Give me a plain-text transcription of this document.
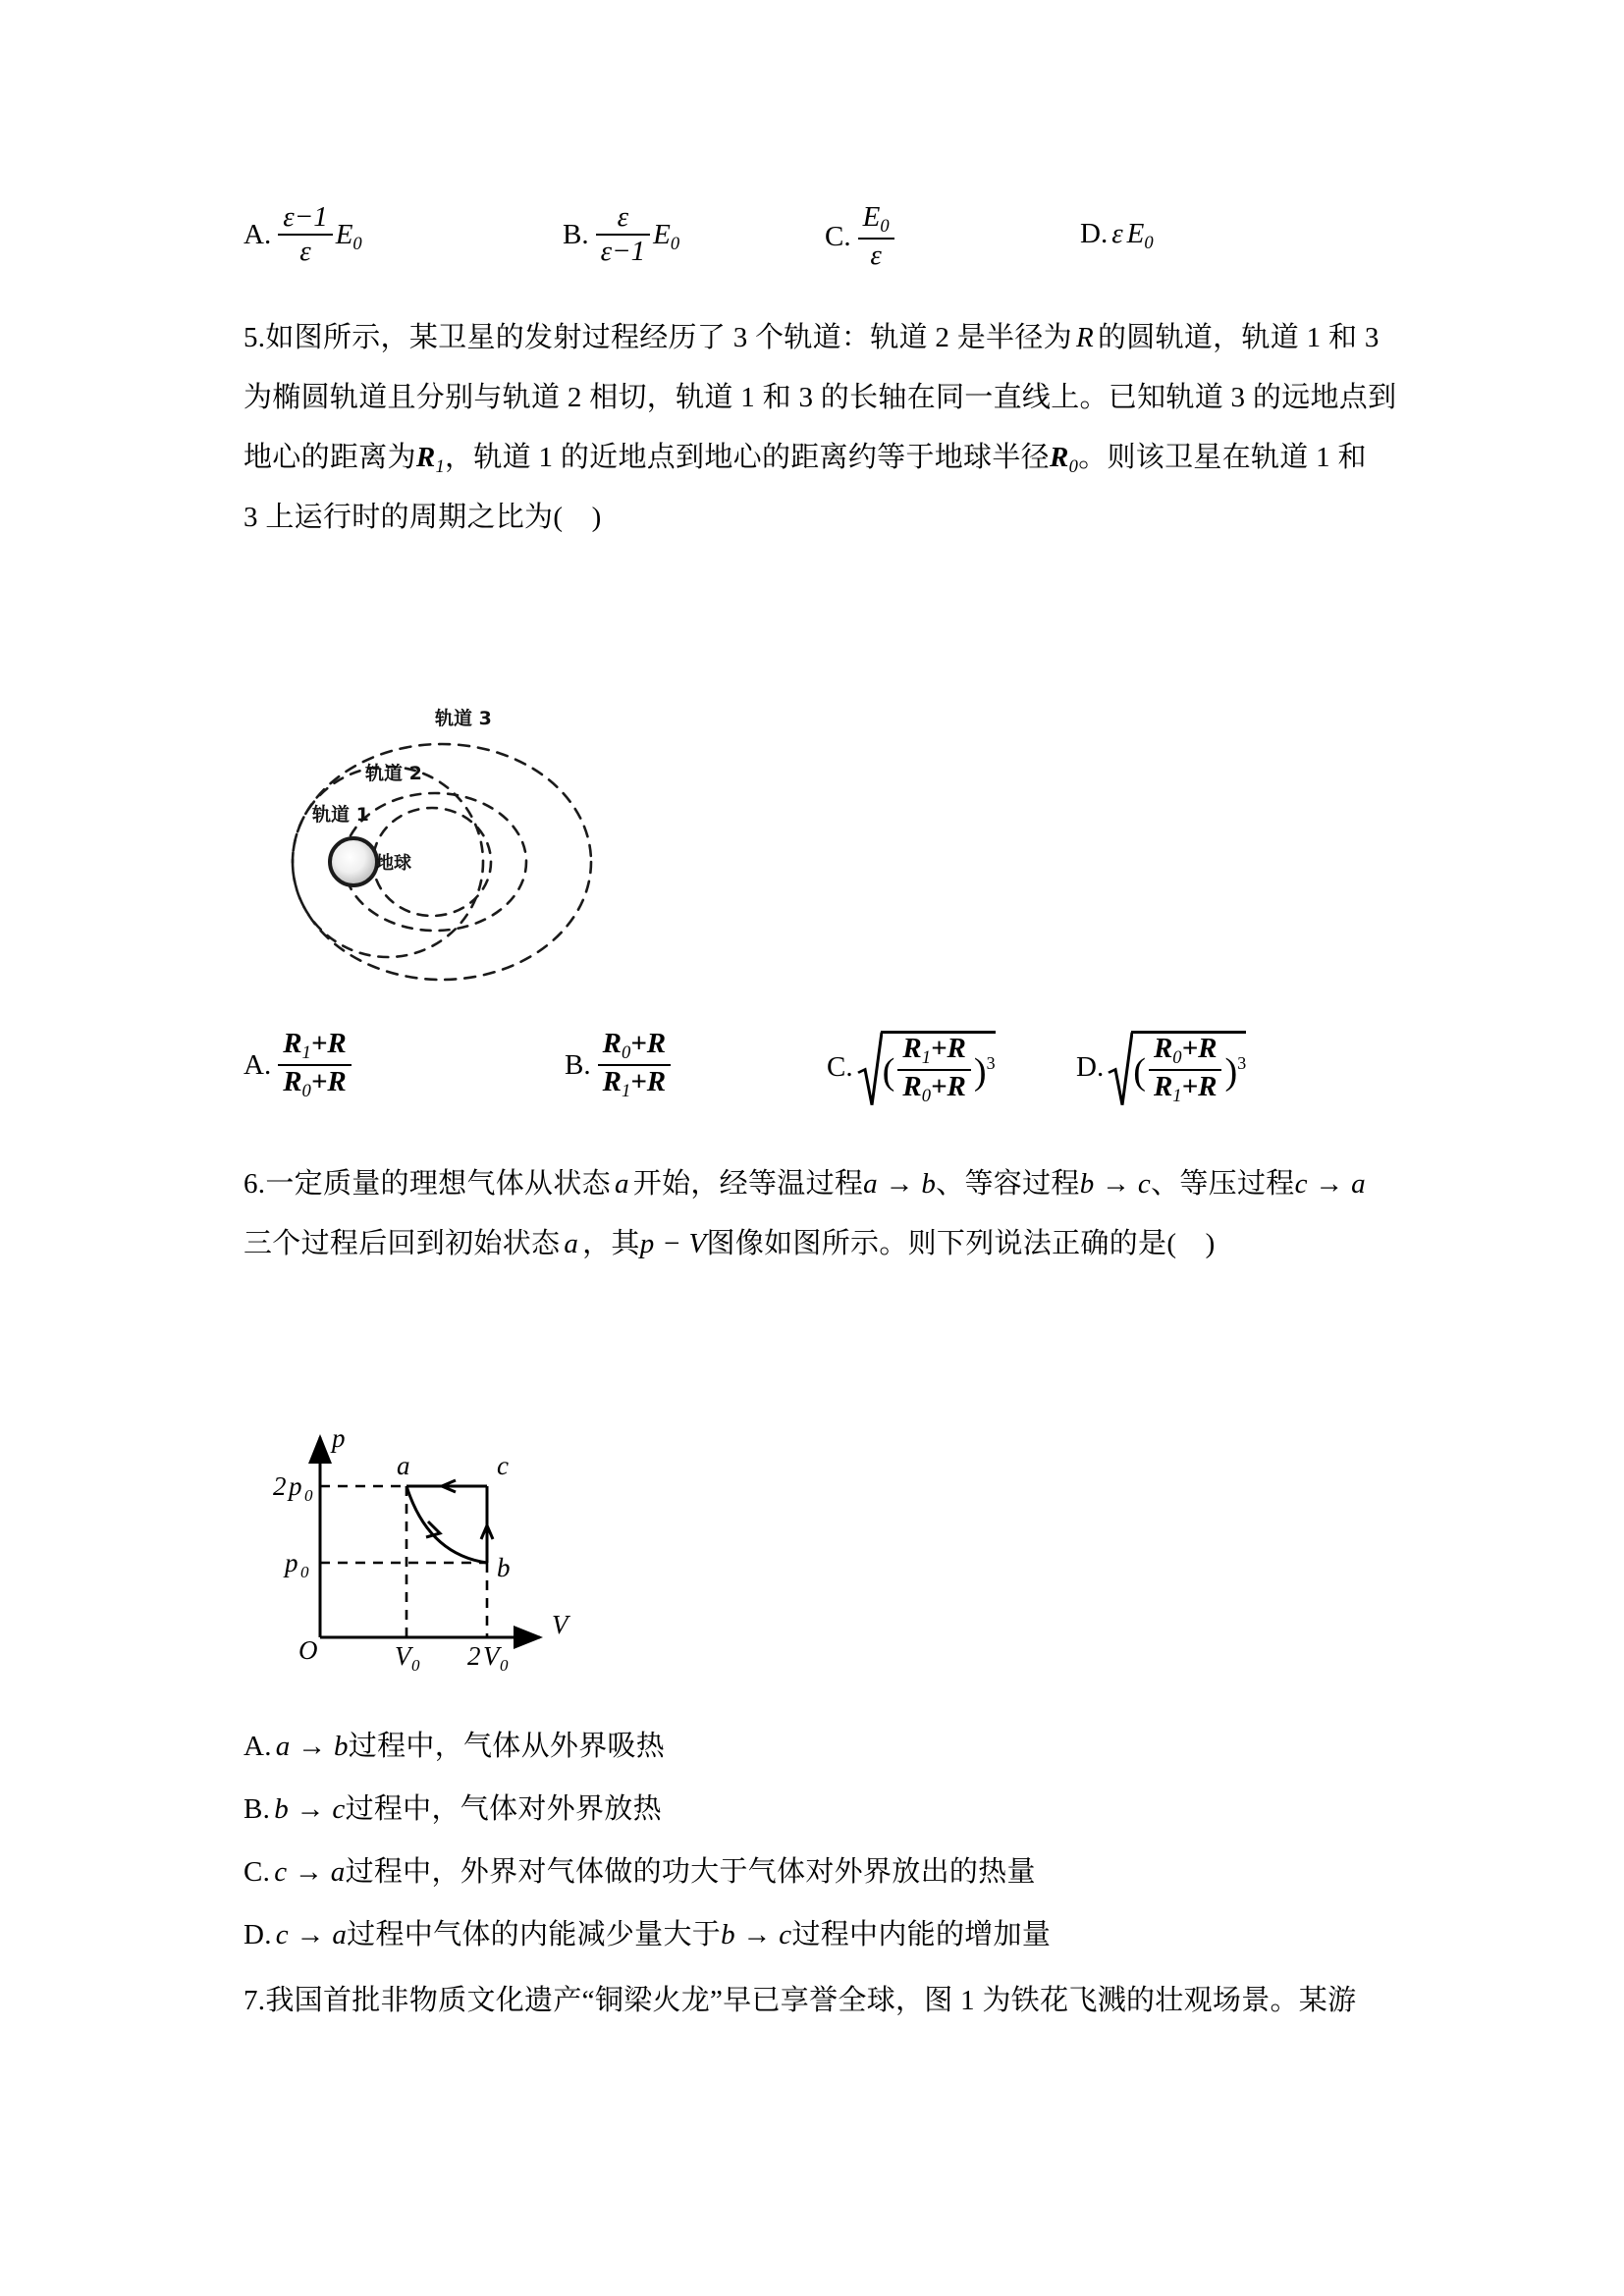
A. $\frac{\varepsilon-1}{\varepsilon} E_0$	B. $\frac{\varepsilon}{\varepsilon-1} E_0$	C. $\frac{E_0}{\varepsilon}$	D. ε $E_0$
5.如图所示，某卫星的发射过程经历了 3 个轨道：轨道 2 是半径为 R 的圆轨道，轨道 1 和 3
为椭圆轨道且分别与轨道 2 相切，轨道 1 和 3 的长轴在同一直线上。已知轨道 3 的远地点到
地心的距离为$R_1$，轨道 1 的近地点到地心的距离约等于地球半径$R_0$。则该卫星在轨道 1 和
3 上运行时的周期之比为(　)
轨道 3
轨道 2
轨道 1
地球
A. $\frac{R_1+R}{R_0+R}$	B. $\frac{R_0+R}{R_1+R}$	C. ( $\frac{R_1+R}{R_0+R} )^3$	D. ( $\frac{R_0+R}{R_1+R} )^3$
6.一定质量的理想气体从状态 a 开始，经等温过程a → b、等容过程b → c、等压过程c → a
三个过程后回到初始状态 a ，其p − V图像如图所示。则下列说法正确的是(　)
a	c
b
p
V
O
2 p 0
p 0
V 0 2 V 0
A. a → b过程中，气体从外界吸热
B. b → c过程中，气体对外界放热
C. c → a过程中，外界对气体做的功大于气体对外界放出的热量
D. c → a过程中气体的内能减少量大于b → c过程中内能的增加量
7.我国首批非物质文化遗产“铜梁火龙”早已享誉全球，图 1 为铁花飞溅的壮观场景。某游
